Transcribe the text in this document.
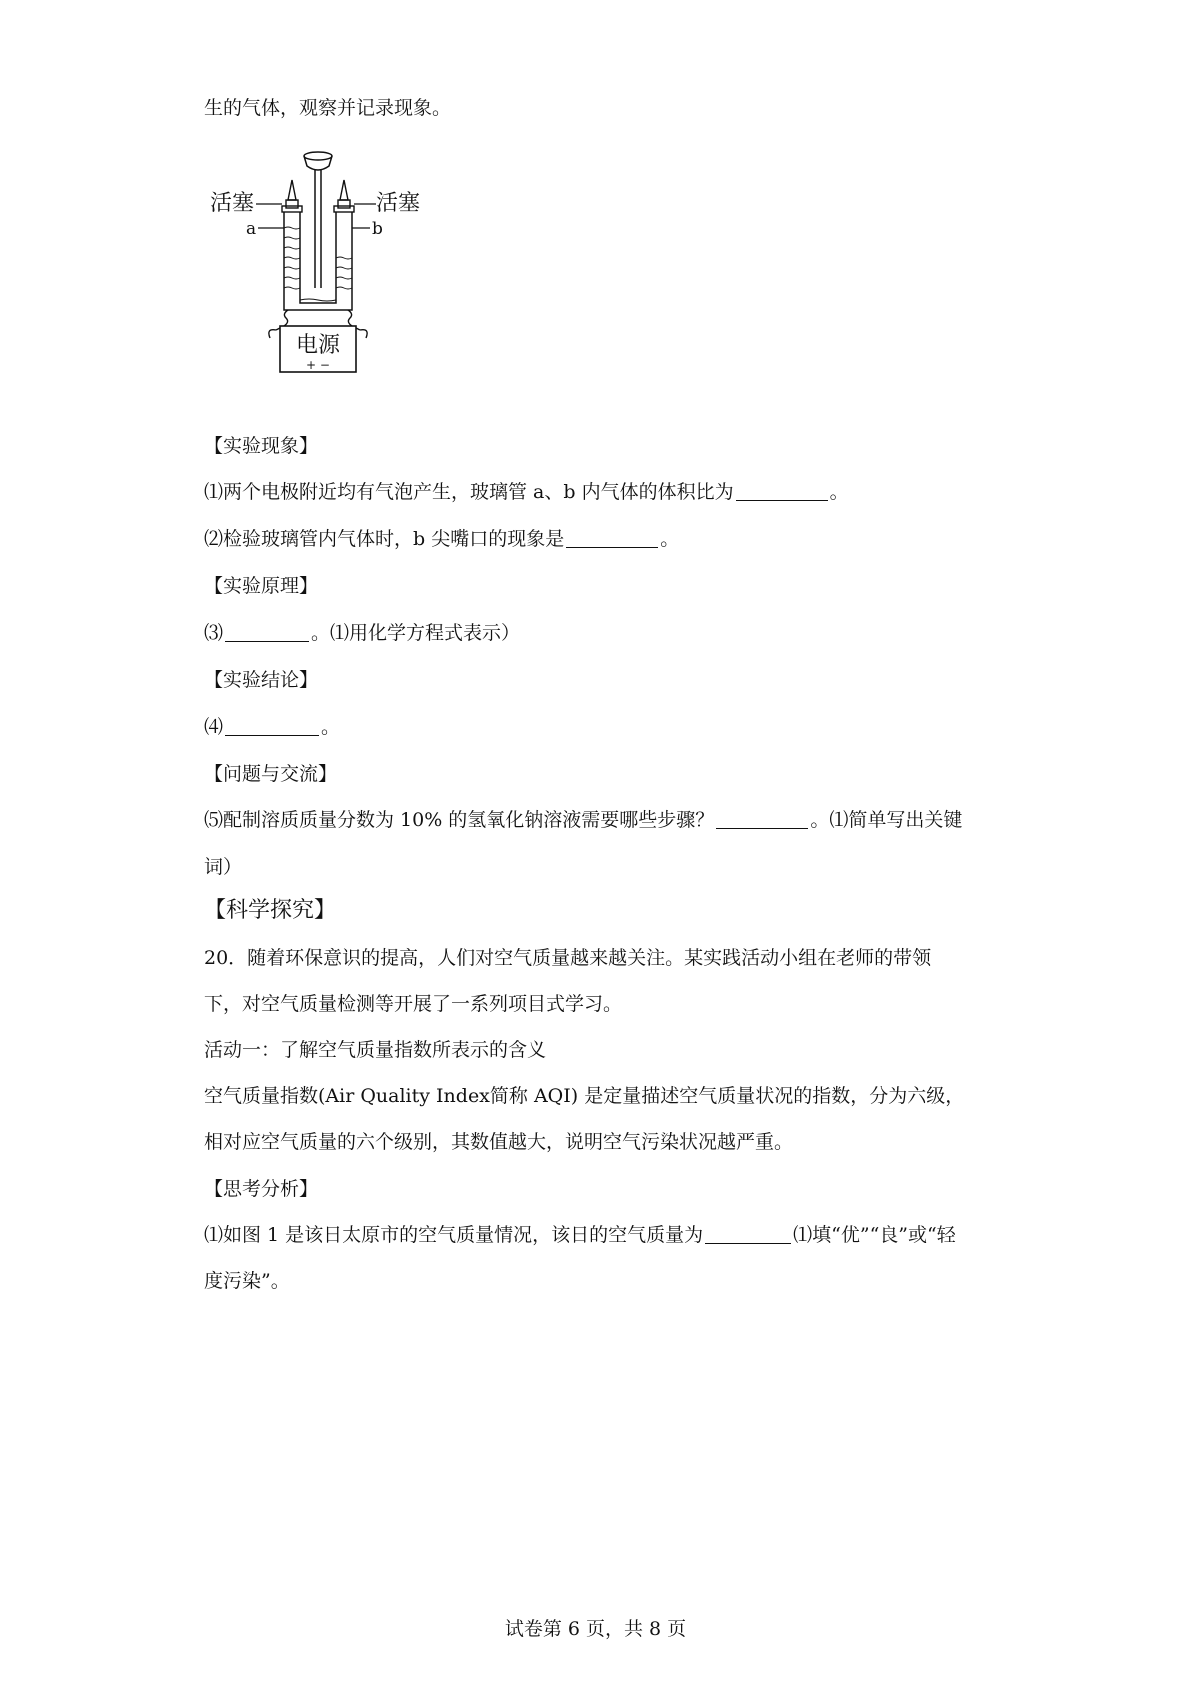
生的气体，观察并记录现象。
电源
+ −
活塞
a
活塞
b
【实验现象】
⑴两个电极附近均有气泡产生，玻璃管 a、b 内气体的体积比为	。
⑵检验玻璃管内气体时，b 尖嘴口的现象是	。
【实验原理】
⑶	。⑴用化学方程式表示）
【实验结论】
⑷	。
【问题与交流】
⑸配制溶质质量分数为 10% 的氢氧化钠溶液需要哪些步骤？	。⑴简单写出关键
词）
【科学探究】
20．随着环保意识的提高，人们对空气质量越来越关注。某实践活动小组在老师的带领
下，对空气质量检测等开展了一系列项目式学习。
活动一：了解空气质量指数所表示的含义
空气质量指数(Air Quality Index简称 AQI) 是定量描述空气质量状况的指数，分为六级，
相对应空气质量的六个级别，其数值越大，说明空气污染状况越严重。
【思考分析】
⑴如图 1 是该日太原市的空气质量情况，该日的空气质量为	⑴填“优”“良”或“轻
度污染”。
试卷第 6 页，共 8 页
